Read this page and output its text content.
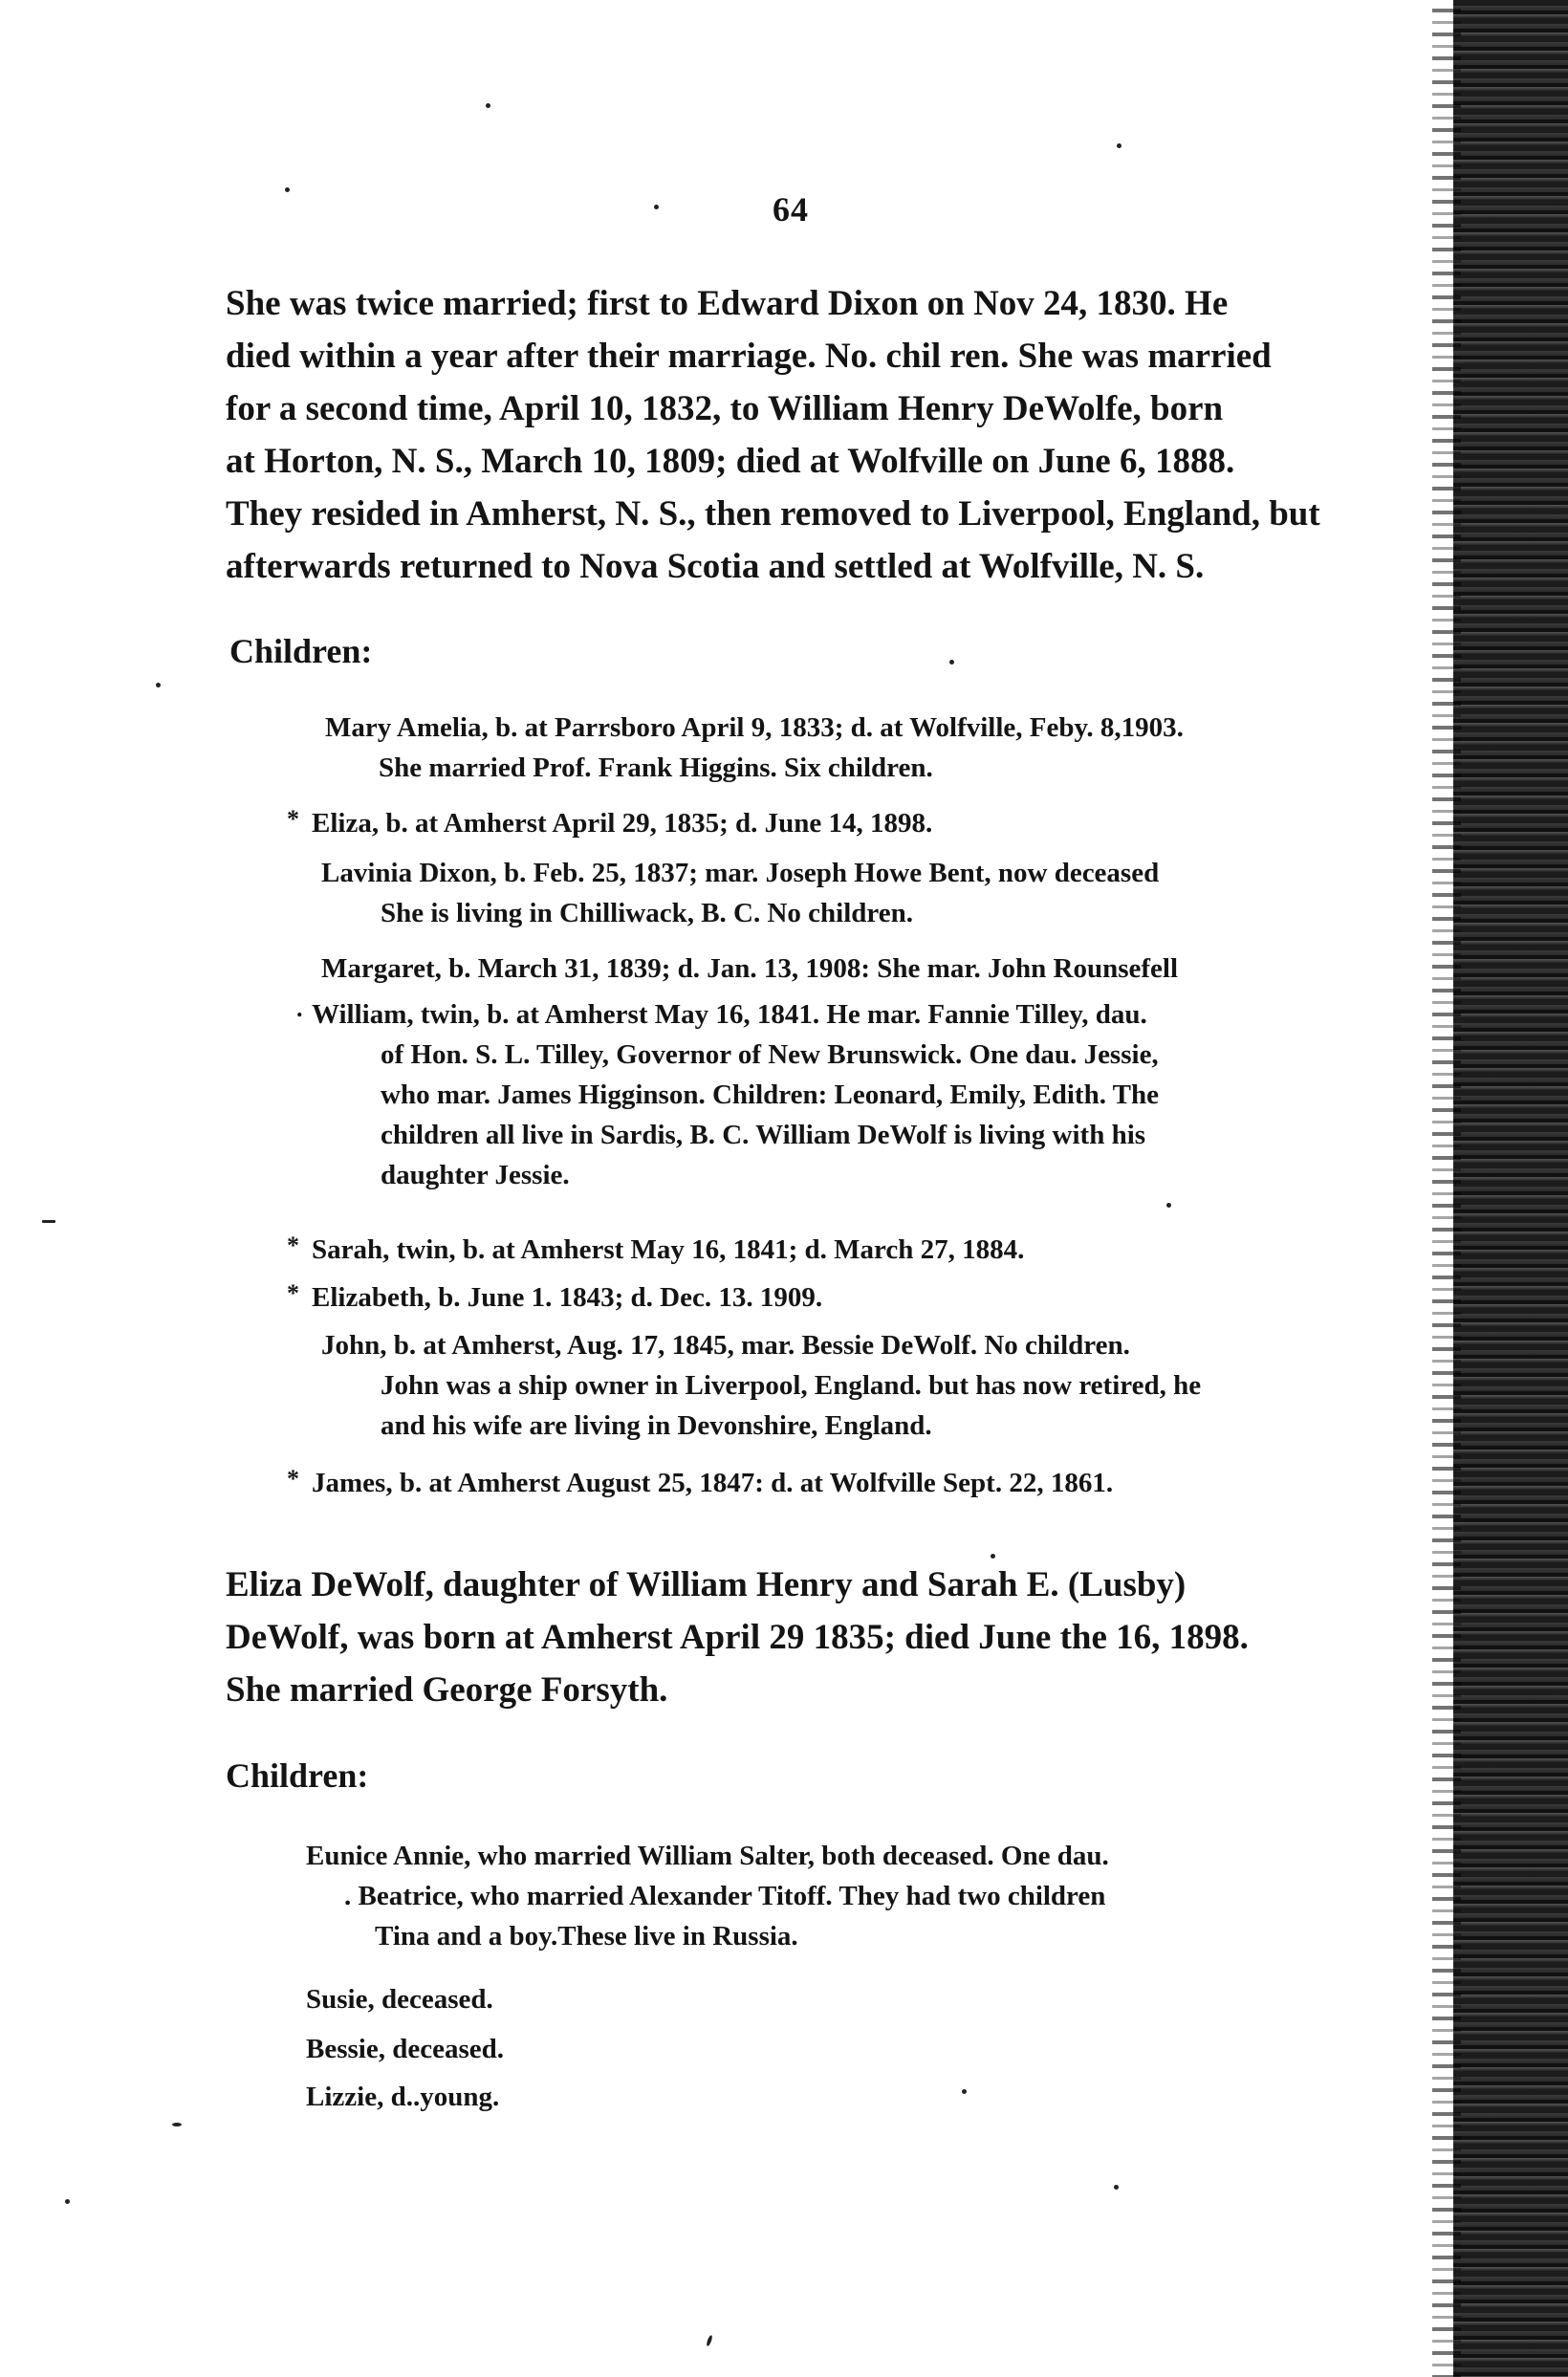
64
She was twice married; first to Edward Dixon on Nov 24, 1830. He
died within a year after their marriage. No. chil ren. She was married
for a second time, April 10, 1832, to William Henry DeWolfe, born
at Horton, N. S., March 10, 1809; died at Wolfville on June 6, 1888.
They resided in Amherst, N. S., then removed to Liverpool, England, but
afterwards returned to Nova Scotia and settled at Wolfville, N. S.
Children:
Mary Amelia, b. at Parrsboro April 9, 1833; d. at Wolfville, Feby. 8,1903.
She married Prof. Frank Higgins. Six children.
* Eliza, b. at Amherst April 29, 1835; d. June 14, 1898.
Lavinia Dixon, b. Feb. 25, 1837; mar. Joseph Howe Bent, now deceased
She is living in Chilliwack, B. C. No children.
Margaret, b. March 31, 1839; d. Jan. 13, 1908: She mar. John Rounsefell
. William, twin, b. at Amherst May 16, 1841. He mar. Fannie Tilley, dau.
of Hon. S. L. Tilley, Governor of New Brunswick. One dau. Jessie,
who mar. James Higginson. Children: Leonard, Emily, Edith. The
children all live in Sardis, B. C. William DeWolf is living with his
daughter Jessie.
* Sarah, twin, b. at Amherst May 16, 1841; d. March 27, 1884.
* Elizabeth, b. June 1. 1843; d. Dec. 13. 1909.
John, b. at Amherst, Aug. 17, 1845, mar. Bessie DeWolf. No children.
John was a ship owner in Liverpool, England. but has now retired, he
and his wife are living in Devonshire, England.
* James, b. at Amherst August 25, 1847: d. at Wolfville Sept. 22, 1861.
Eliza DeWolf, daughter of William Henry and Sarah E. (Lusby)
DeWolf, was born at Amherst April 29 1835; died June the 16, 1898.
She married George Forsyth.
Children:
Eunice Annie, who married William Salter, both deceased. One dau.
. Beatrice, who married Alexander Titoff. They had two children
Tina and a boy.These live in Russia.
Susie, deceased.
Bessie, deceased.
Lizzie, d..young.
